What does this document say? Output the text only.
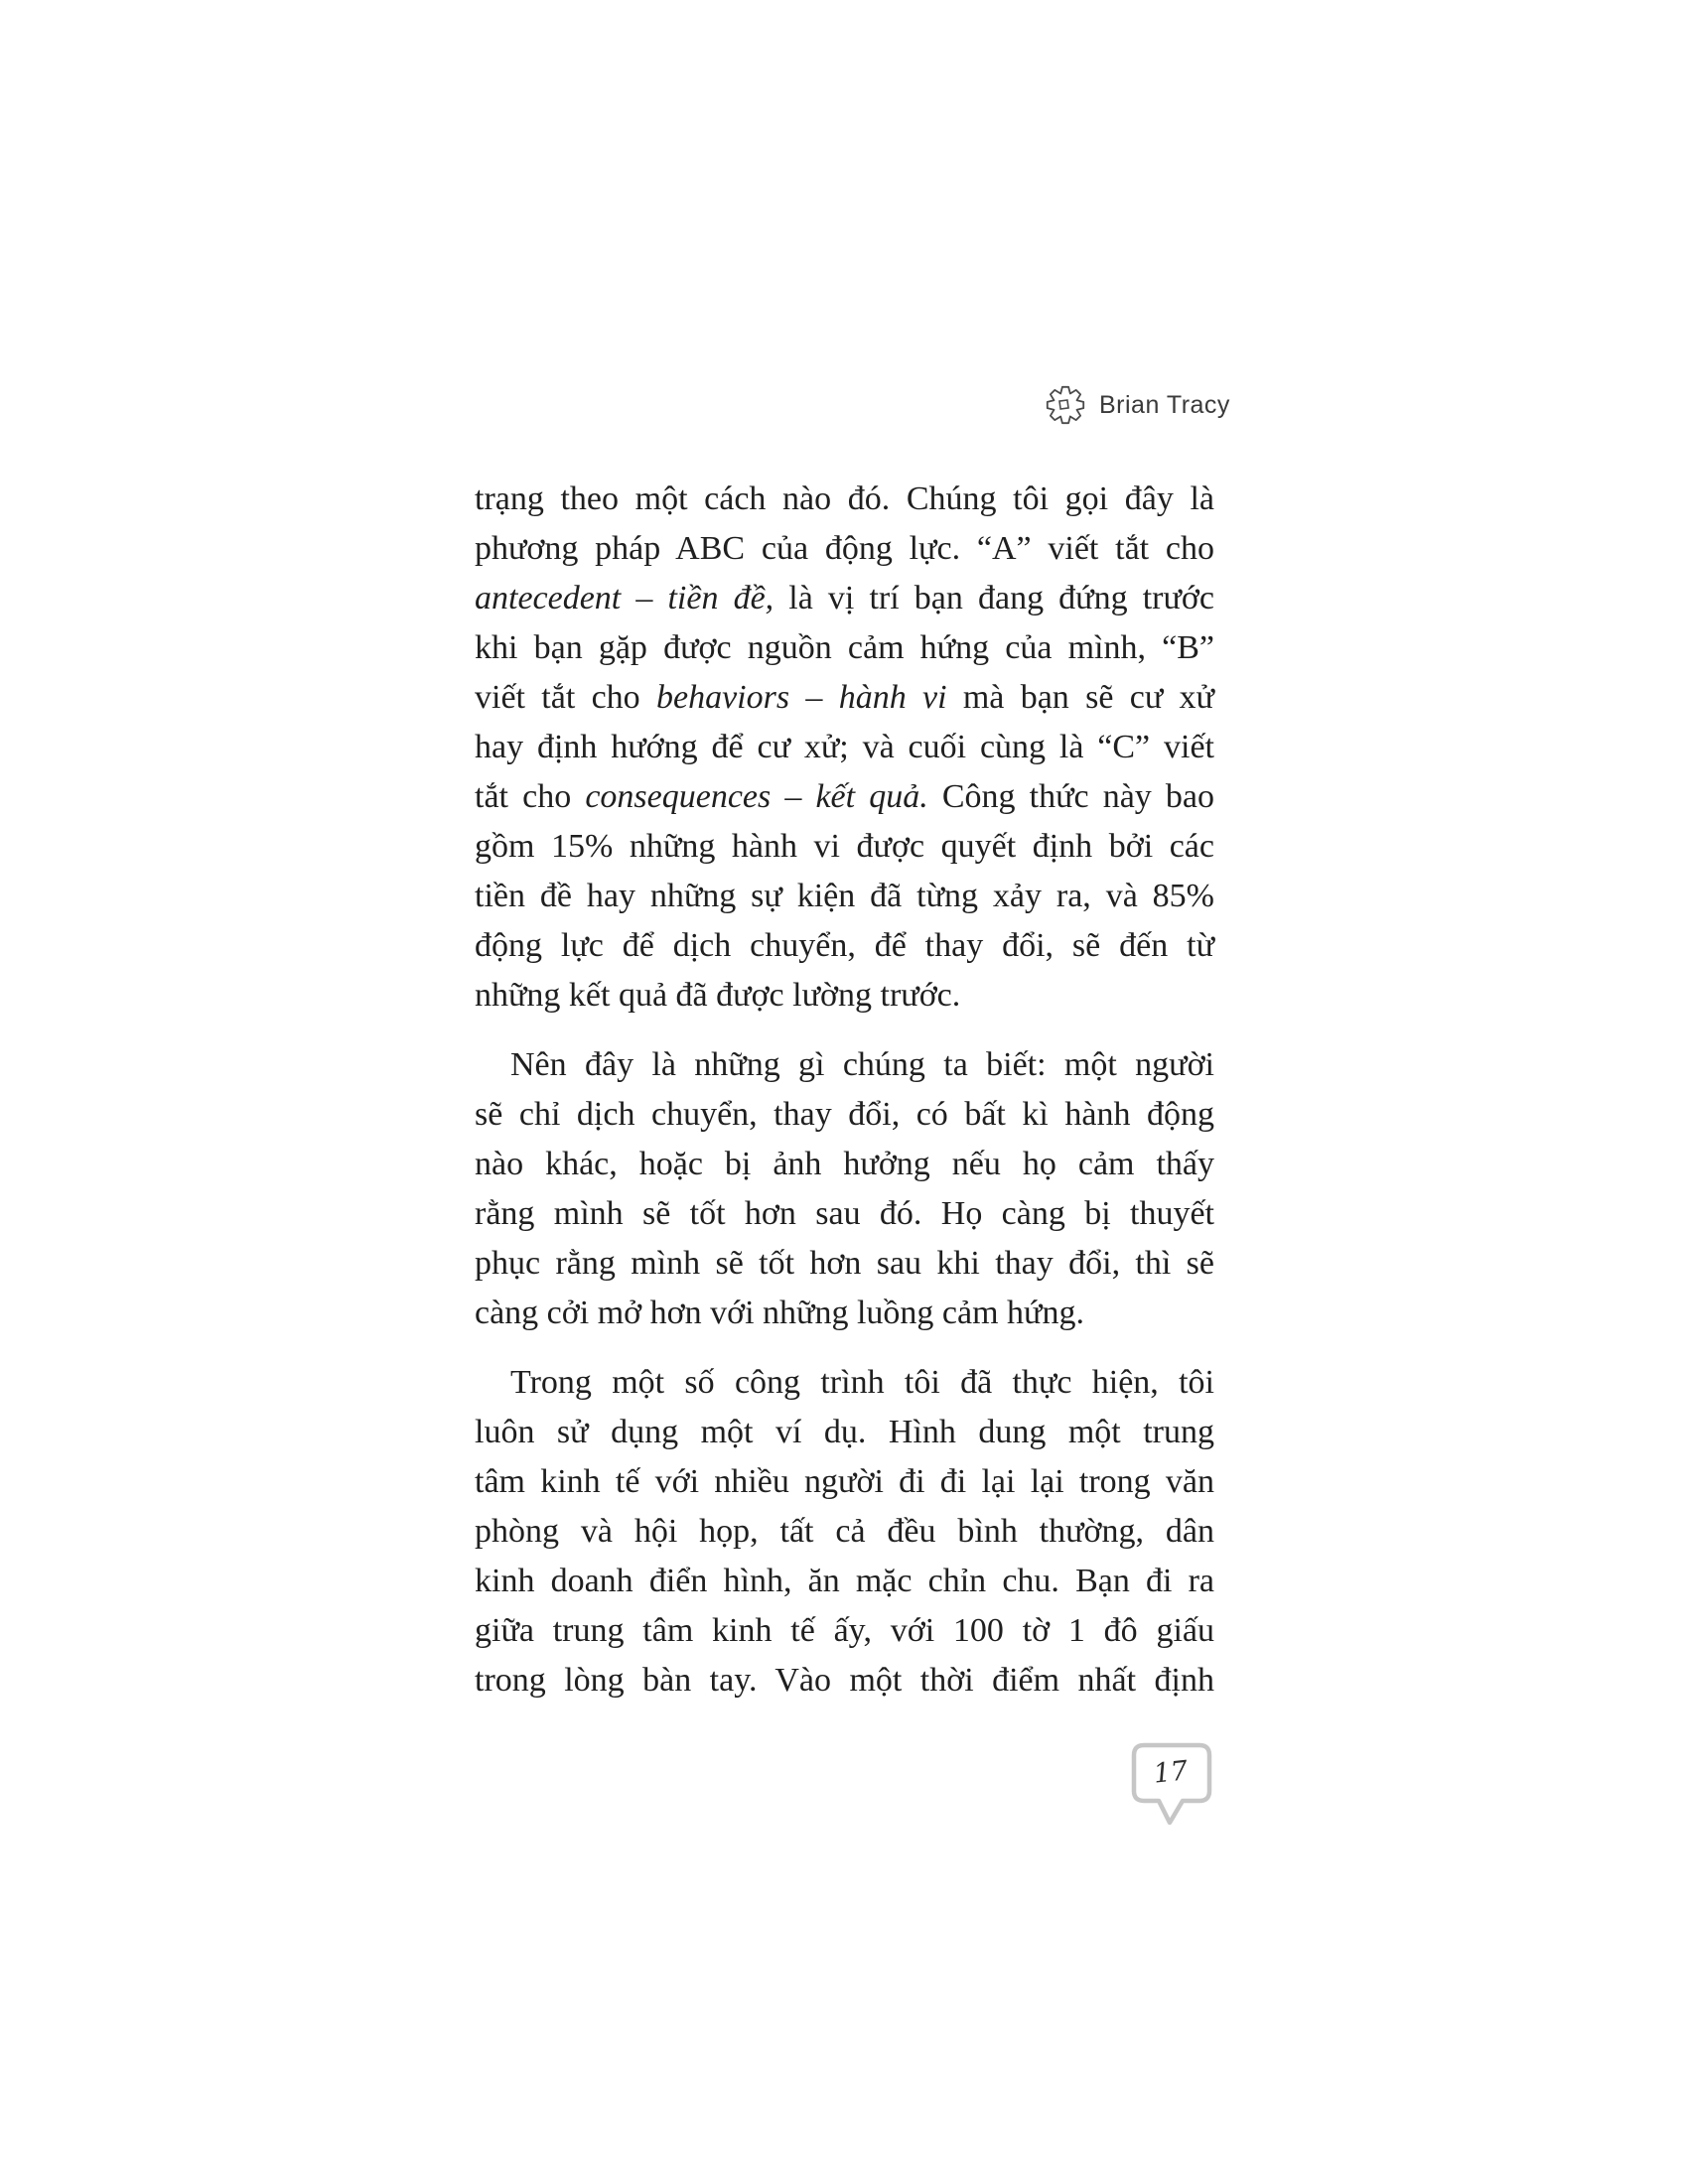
Brian Tracy
trạng theo một cách nào đó. Chúng tôi gọi đây là
phương pháp ABC của động lực. “A” viết tắt cho
antecedent – tiền đề, là vị trí bạn đang đứng trước
khi bạn gặp được nguồn cảm hứng của mình, “B”
viết tắt cho behaviors – hành vi mà bạn sẽ cư xử
hay định hướng để cư xử; và cuối cùng là “C” viết
tắt cho consequences – kết quả. Công thức này bao
gồm 15% những hành vi được quyết định bởi các
tiền đề hay những sự kiện đã từng xảy ra, và 85%
động lực để dịch chuyển, để thay đổi, sẽ đến từ
những kết quả đã được lường trước.
Nên đây là những gì chúng ta biết: một người
sẽ chỉ dịch chuyển, thay đổi, có bất kì hành động
nào khác, hoặc bị ảnh hưởng nếu họ cảm thấy
rằng mình sẽ tốt hơn sau đó. Họ càng bị thuyết
phục rằng mình sẽ tốt hơn sau khi thay đổi, thì sẽ
càng cởi mở hơn với những luồng cảm hứng.
Trong một số công trình tôi đã thực hiện, tôi
luôn sử dụng một ví dụ. Hình dung một trung
tâm kinh tế với nhiều người đi đi lại lại trong văn
phòng và hội họp, tất cả đều bình thường, dân
kinh doanh điển hình, ăn mặc chỉn chu. Bạn đi ra
giữa trung tâm kinh tế ấy, với 100 tờ 1 đô giấu
trong lòng bàn tay. Vào một thời điểm nhất định
17
